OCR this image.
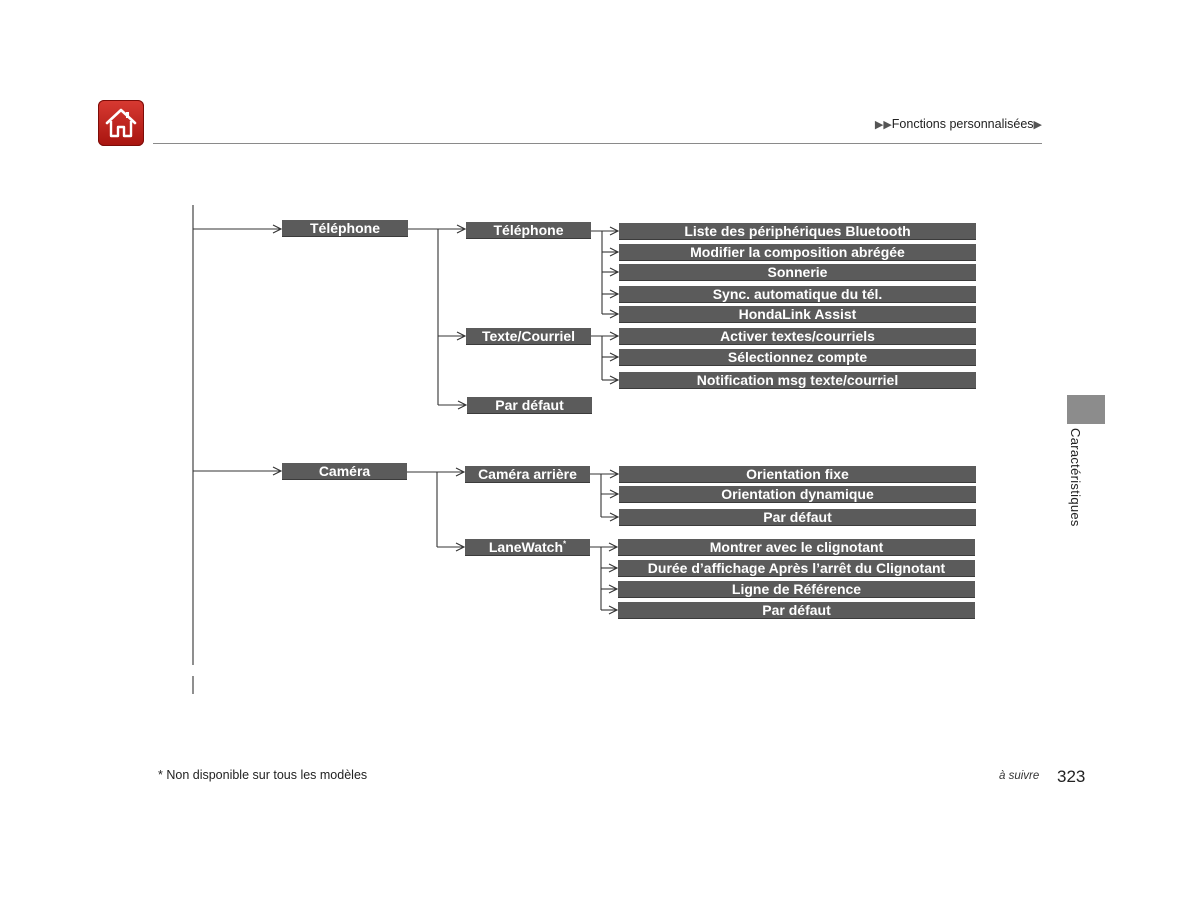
▶▶Fonctions personnalisées▶
Caractéristiques
Téléphone
Caméra
Téléphone
Texte/Courriel
Par défaut
Liste des périphériques Bluetooth
Modifier la composition abrégée
Sonnerie
Sync. automatique du tél.
HondaLink Assist
Activer textes/courriels
Sélectionnez compte
Notification msg texte/courriel
Caméra arrière
LaneWatch*
Orientation fixe
Orientation dynamique
Par défaut
Montrer avec le clignotant
Durée d’affichage Après l’arrêt du Clignotant
Ligne de Référence
Par défaut
* Non disponible sur tous les modèles	à suivre 323
